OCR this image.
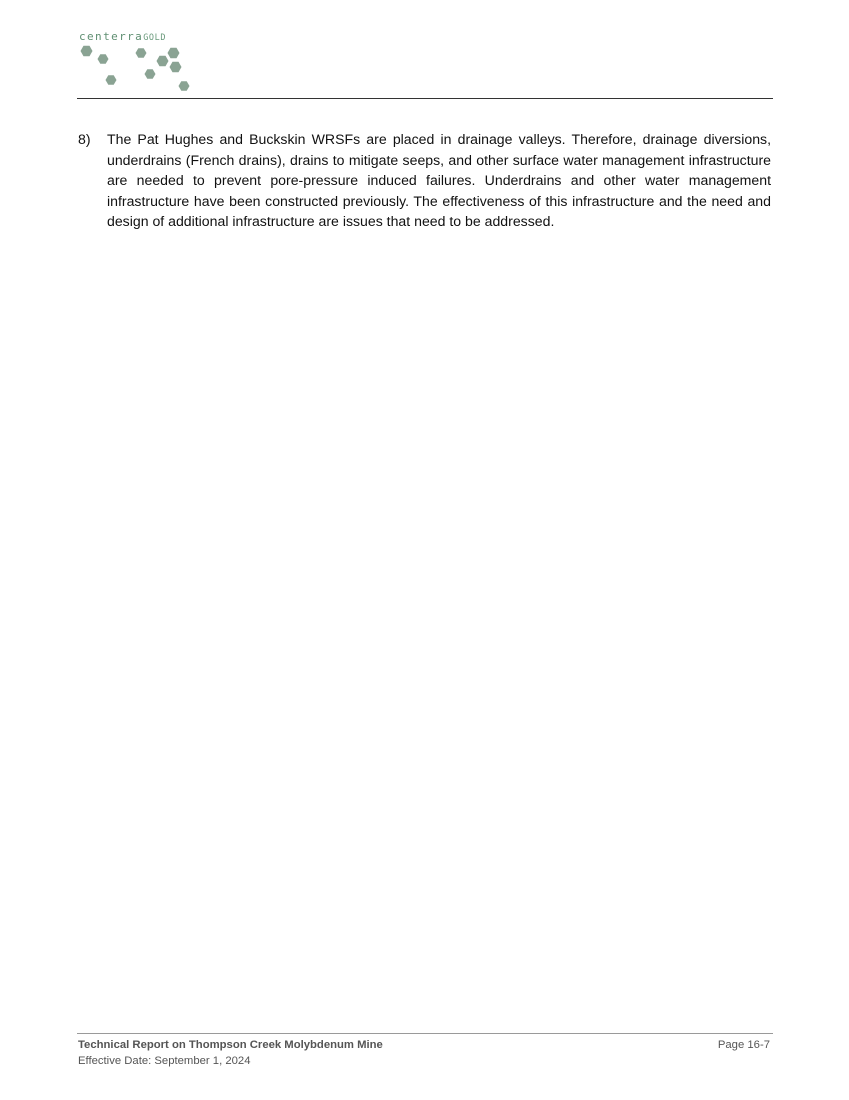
centerraGOLD
8) The Pat Hughes and Buckskin WRSFs are placed in drainage valleys. Therefore, drainage diversions, underdrains (French drains), drains to mitigate seeps, and other surface water management infrastructure are needed to prevent pore-pressure induced failures. Underdrains and other water management infrastructure have been constructed previously. The effectiveness of this infrastructure and the need and design of additional infrastructure are issues that need to be addressed.
Technical Report on Thompson Creek Molybdenum Mine
Effective Date: September 1, 2024
Page 16-7
